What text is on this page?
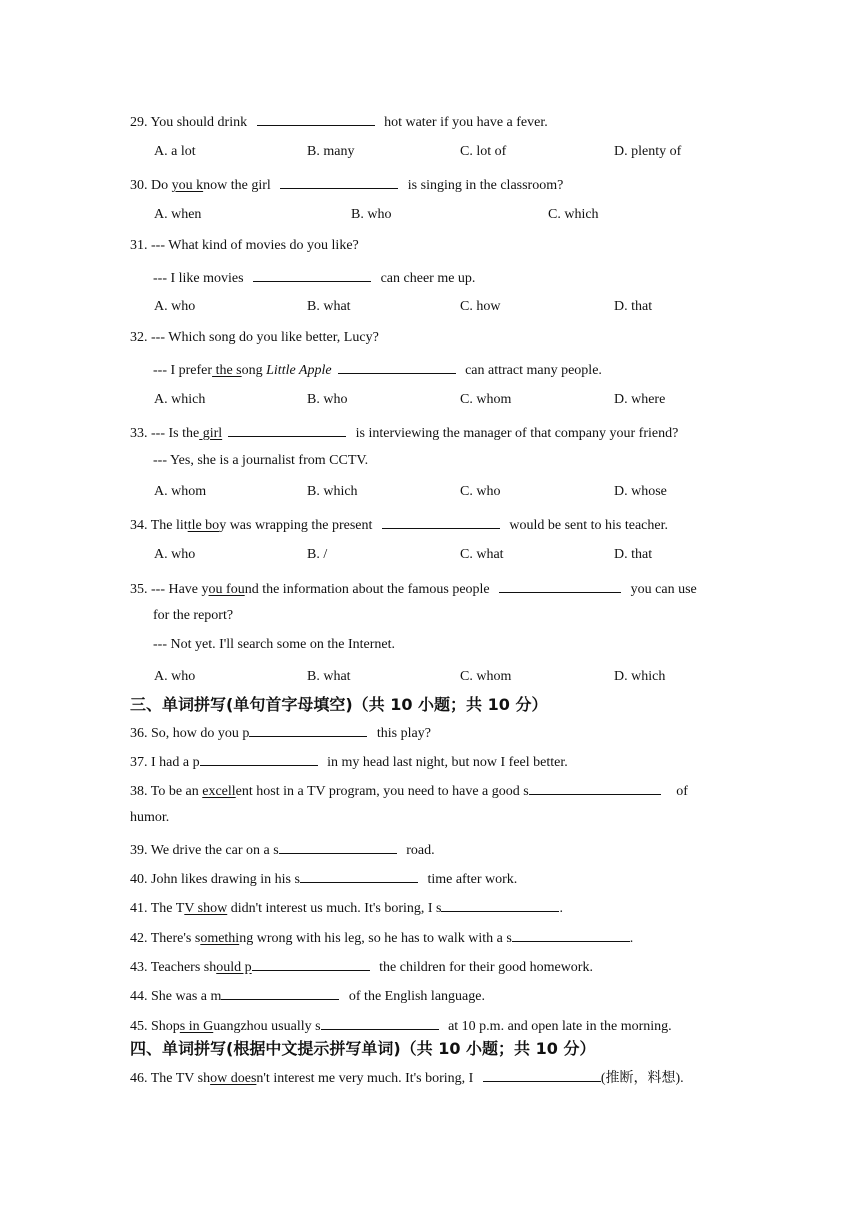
29. You should drink	hot water if you have a fever.
A. a lot	B. many	C. lot of	D. plenty of
30. Do you know the girl	is singing in the classroom?
A. when	B. who	C. which
31. --- What kind of movies do you like?
--- I like movies	can cheer me up.
A. who	B. what	C. how	D. that
32. --- Which song do you like better, Lucy?
--- I prefer the song Little Apple	can attract many people.
A. which	B. who	C. whom	D. where
33. --- Is the girl	is interviewing the manager of that company your friend?
--- Yes, she is a journalist from CCTV.
A. whom	B. which	C. who	D. whose
34. The little boy was wrapping the present	would be sent to his teacher.
A. who	B. /	C. what	D. that
35. --- Have you found the information about the famous people	you can use
for the report?
--- Not yet. I'll search some on the Internet.
A. who	B. what	C. whom	D. which
三、单词拼写(单句首字母填空)（共 10 小题；共 10 分）
36. So, how do you p	this play?
37. I had a p	in my head last night, but now I feel better.
38. To be an excellent host in a TV program, you need to have a good s	of
humor.
39. We drive the car on a s	road.
40. John likes drawing in his s	time after work.
41. The TV show didn't interest us much. It's boring, I s	.
42. There's something wrong with his leg, so he has to walk with a s	.
43. Teachers should p	the children for their good homework.
44. She was a m	of the English language.
45. Shops in Guangzhou usually s	at 10 p.m. and open late in the morning.
四、单词拼写(根据中文提示拼写单词)（共 10 小题；共 10 分）
46. The TV show doesn't interest me very much. It's boring, I	(推断，料想).
